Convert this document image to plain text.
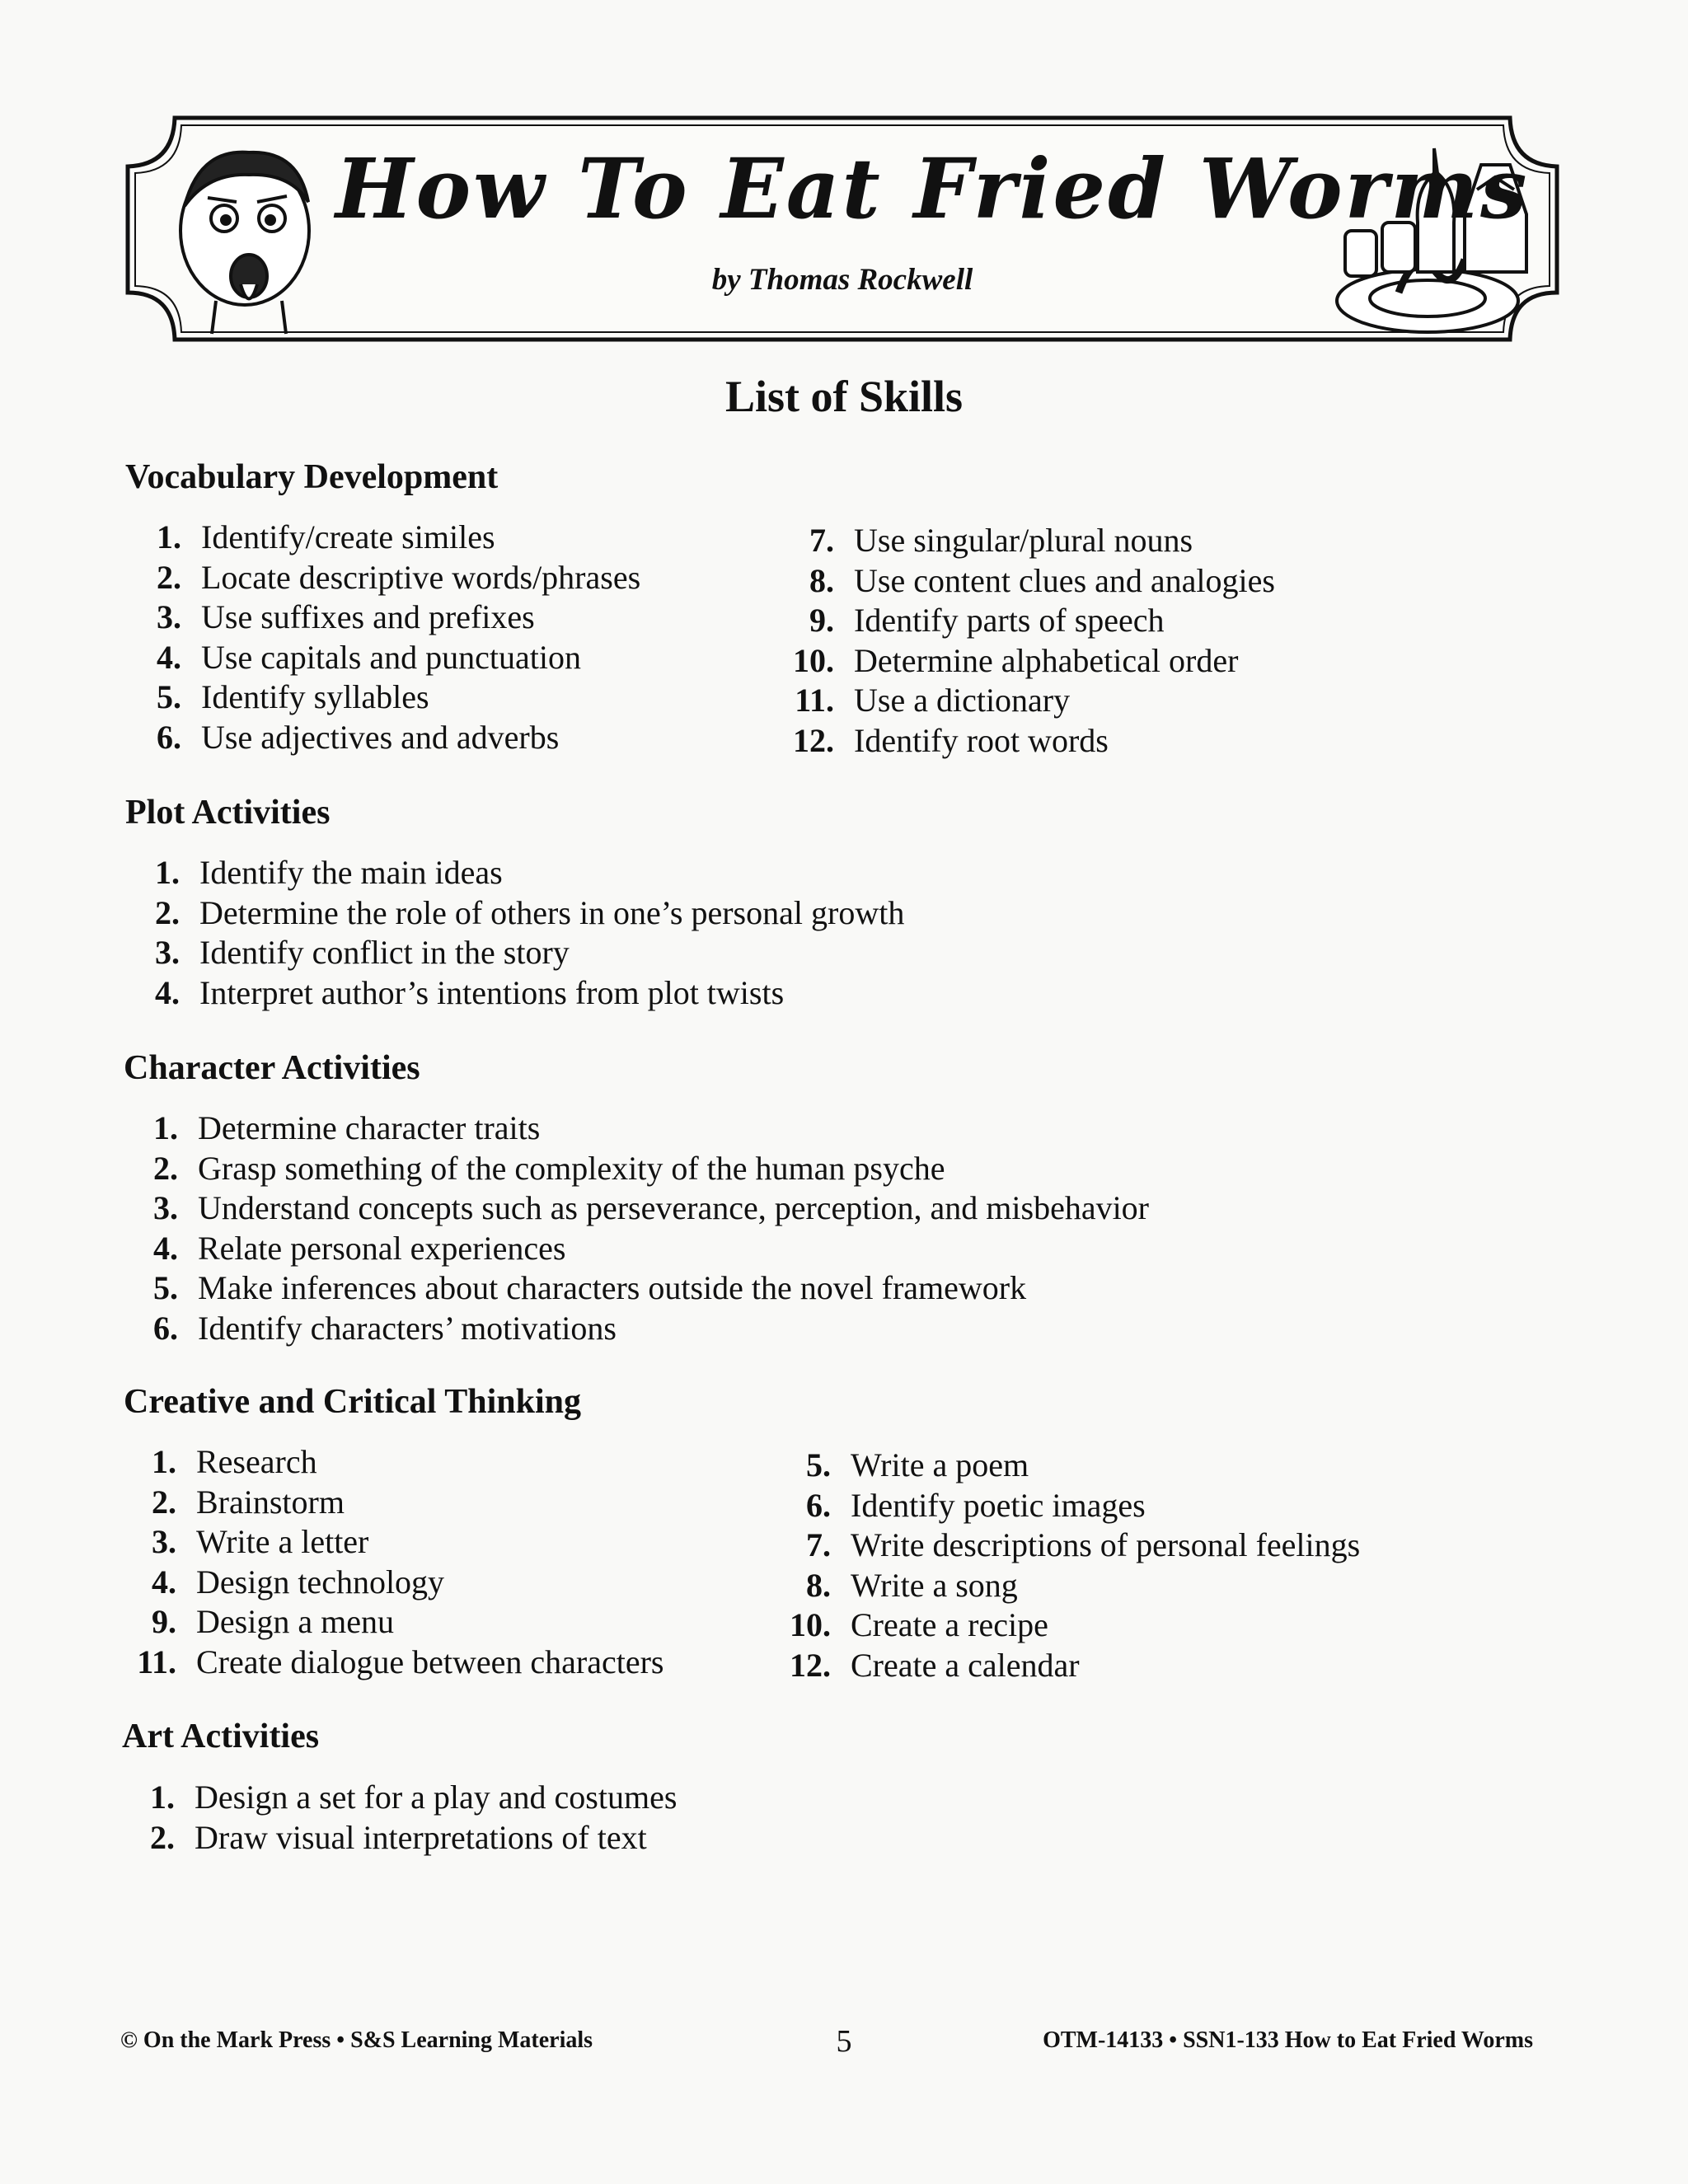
How To Eat Fried Worms

by Thomas Rockwell

List of Skills
Vocabulary Development
1. Identify/create similes
2. Locate descriptive words/phrases
3. Use suffixes and prefixes
4. Use capitals and punctuation
5. Identify syllables
6. Use adjectives and adverbs
7. Use singular/plural nouns
8. Use content clues and analogies
9. Identify parts of speech
10. Determine alphabetical order
11. Use a dictionary
12. Identify root words
Plot Activities
1. Identify the main ideas
2. Determine the role of others in one’s personal growth
3. Identify conflict in the story
4. Interpret author’s intentions from plot twists
Character Activities
1. Determine character traits
2. Grasp something of the complexity of the human psyche
3. Understand concepts such as perseverance, perception, and misbehavior
4. Relate personal experiences
5. Make inferences about characters outside the novel framework
6. Identify characters’ motivations
Creative and Critical Thinking
1. Research
2. Brainstorm
3. Write a letter
4. Design technology
9. Design a menu
11. Create dialogue between characters
5. Write a poem
6. Identify poetic images
7. Write descriptions of personal feelings
8. Write a song
10. Create a recipe
12. Create a calendar
Art Activities
1. Design a set for a play and costumes
2. Draw visual interpretations of text

© On the Mark Press • S&S Learning Materials	5	OTM-14133 • SSN1-133 How to Eat Fried Worms
